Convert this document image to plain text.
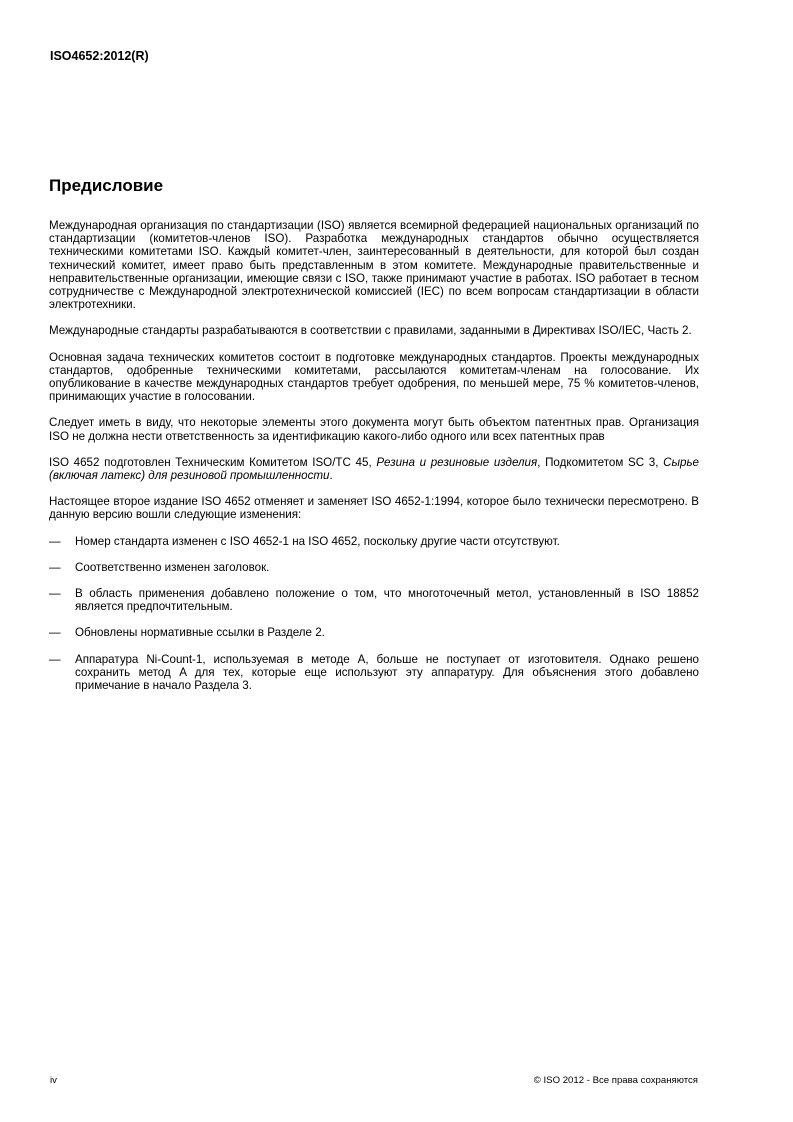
ISO4652:2012(R)
Предисловие

Международная организация по стандартизации (ISO) является всемирной федерацией национальных организаций по стандартизации (комитетов-членов ISO). Разработка международных стандартов обычно осуществляется техническими комитетами ISO. Каждый комитет-член, заинтересованный в деятельности, для которой был создан технический комитет, имеет право быть представленным в этом комитете. Международные правительственные и неправительственные организации, имеющие связи с ISO, также принимают участие в работах. ISO работает в тесном сотрудничестве с Международной электротехнической комиссией (IEC) по всем вопросам стандартизации в области электротехники.

Международные стандарты разрабатываются в соответствии с правилами, заданными в Директивах ISO/IEC, Часть 2.

Основная задача технических комитетов состоит в подготовке международных стандартов. Проекты международных стандартов, одобренные техническими комитетами, рассылаются комитетам-членам на голосование. Их опубликование в качестве международных стандартов требует одобрения, по меньшей мере, 75 % комитетов-членов, принимающих участие в голосовании.

Следует иметь в виду, что некоторые элементы этого документа могут быть объектом патентных прав. Организация ISO не должна нести ответственность за идентификацию какого-либо одного или всех патентных прав

ISO 4652 подготовлен Техническим Комитетом ISO/TC 45, Резина и резиновые изделия, Подкомитетом SC 3, Сырье (включая латекс) для резиновой промышленности.

Настоящее второе издание ISO 4652 отменяет и заменяет ISO 4652-1:1994, которое было технически пересмотрено. В данную версию вошли следующие изменения:

— Номер стандарта изменен с ISO 4652-1 на ISO 4652, поскольку другие части отсутствуют.
— Соответственно изменен заголовок.
— В область применения добавлено положение о том, что многоточечный метол, установленный в ISO 18852 является предпочтительным.
— Обновлены нормативные ссылки в Разделе 2.
— Аппаратура Ni-Count-1, используемая в методе A, больше не поступает от изготовителя. Однако решено сохранить метод A для тех, которые еще используют эту аппаратуру. Для объяснения этого добавлено примечание в начало Раздела 3.
iv	© ISO 2012 - Все права сохраняются
